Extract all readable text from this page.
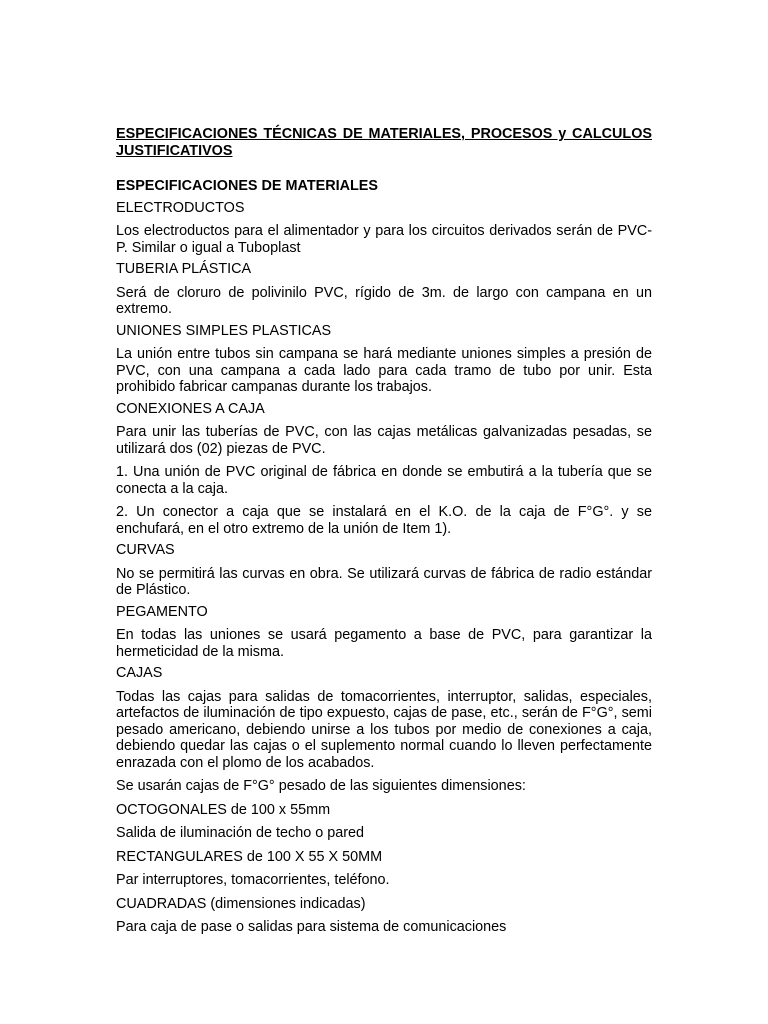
ESPECIFICACIONES TÉCNICAS DE MATERIALES, PROCESOS y CALCULOS JUSTIFICATIVOS

ESPECIFICACIONES DE MATERIALES

ELECTRODUCTOS

Los electroductos para el alimentador y para los circuitos derivados serán de PVC-P. Similar o igual a Tuboplast

TUBERIA PLÁSTICA

Será de cloruro de polivinilo PVC, rígido de 3m. de largo con campana en un extremo.

UNIONES SIMPLES PLASTICAS

La unión entre tubos sin campana se hará mediante uniones simples a presión de PVC, con una campana a cada lado para cada tramo de tubo por unir. Esta prohibido fabricar campanas durante los trabajos.

CONEXIONES A CAJA

Para unir las tuberías de PVC, con las cajas metálicas galvanizadas pesadas, se utilizará dos (02) piezas de PVC.

1. Una unión de PVC original de fábrica en donde se embutirá a la tubería que se conecta a la caja.

2. Un conector a caja que se instalará en el K.O. de la caja de F°G°. y se enchufará, en el otro extremo de la unión de Item 1).

CURVAS

No se permitirá las curvas en obra. Se utilizará curvas de fábrica de radio estándar de Plástico.

PEGAMENTO

En todas las uniones se usará pegamento a base de PVC, para garantizar la hermeticidad de la misma.

CAJAS

Todas las cajas para salidas de tomacorrientes, interruptor, salidas, especiales, artefactos de iluminación de tipo expuesto, cajas de pase, etc., serán de F°G°, semi pesado americano, debiendo unirse a los tubos por medio de conexiones a caja, debiendo quedar las cajas o el suplemento normal cuando lo lleven perfectamente enrazada con el plomo de los acabados.

Se usarán cajas de F°G° pesado de las siguientes dimensiones:

OCTOGONALES de 100 x 55mm

Salida de iluminación de techo o pared

RECTANGULARES de 100 X 55 X 50MM

Par interruptores, tomacorrientes, teléfono.

CUADRADAS (dimensiones indicadas)

Para caja de pase o salidas para sistema de comunicaciones
